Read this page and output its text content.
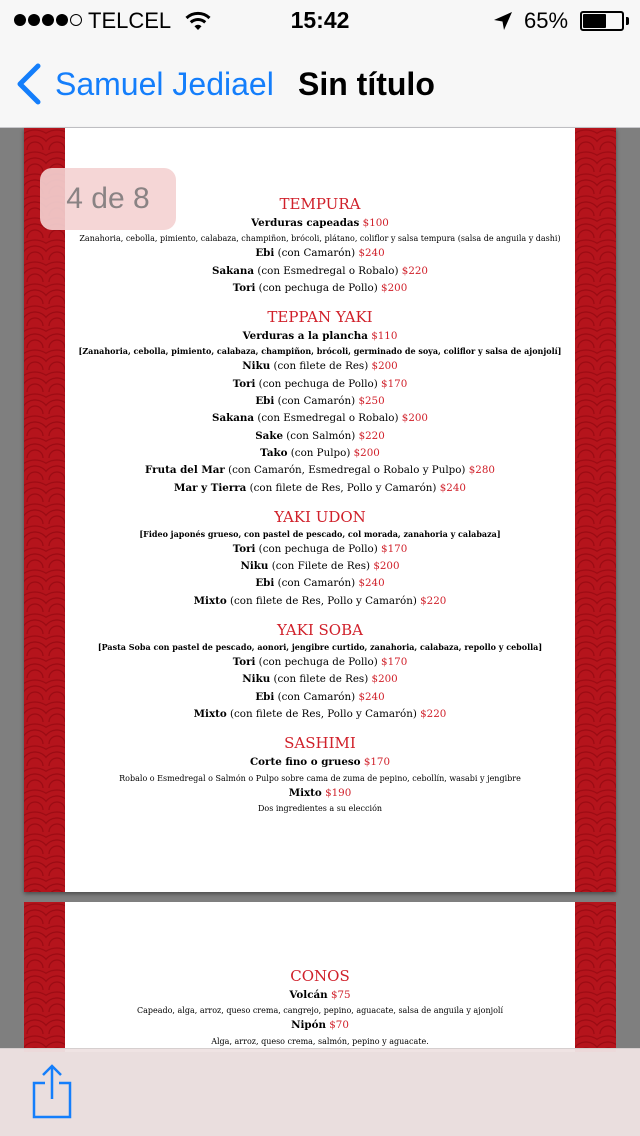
TELCEL	15:42	65%
Samuel Jediael Sin título
TEMPURA
Verduras capeadas $100
Zanahoria, cebolla, pimiento, calabaza, champiñon, brócoli, plátano, coliflor y salsa tempura (salsa de anguila y dashi)
Ebi (con Camarón) $240
Sakana (con Esmedregal o Robalo) $220
Tori (con pechuga de Pollo) $200
TEPPAN YAKI
Verduras a la plancha $110
[Zanahoria, cebolla, pimiento, calabaza, champiñon, brócoli, germinado de soya, coliflor y salsa de ajonjolí]
Niku (con filete de Res) $200
Tori (con pechuga de Pollo) $170
Ebi (con Camarón) $250
Sakana (con Esmedregal o Robalo) $200
Sake (con Salmón) $220
Tako (con Pulpo) $200
Fruta del Mar (con Camarón, Esmedregal o Robalo y Pulpo) $280
Mar y Tierra (con filete de Res, Pollo y Camarón) $240
YAKI UDON
[Fideo japonés grueso, con pastel de pescado, col morada, zanahoria y calabaza]
Tori (con pechuga de Pollo) $170
Niku (con Filete de Res) $200
Ebi (con Camarón) $240
Mixto (con filete de Res, Pollo y Camarón) $220
YAKI SOBA
[Pasta Soba con pastel de pescado, aonori, jengibre curtido, zanahoria, calabaza, repollo y cebolla]
Tori (con pechuga de Pollo) $170
Niku (con filete de Res) $200
Ebi (con Camarón) $240
Mixto (con filete de Res, Pollo y Camarón) $220
SASHIMI
Corte fino o grueso $170
Robalo o Esmedregal o Salmón o Pulpo sobre cama de zuma de pepino, cebollín, wasabi y jengibre
Mixto $190
Dos ingredientes a su elección
4 de 8
CONOS
Volcán $75
Capeado, alga, arroz, queso crema, cangrejo, pepino, aguacate, salsa de anguila y ajonjolí
Nipón $70
Alga, arroz, queso crema, salmón, pepino y aguacate.
